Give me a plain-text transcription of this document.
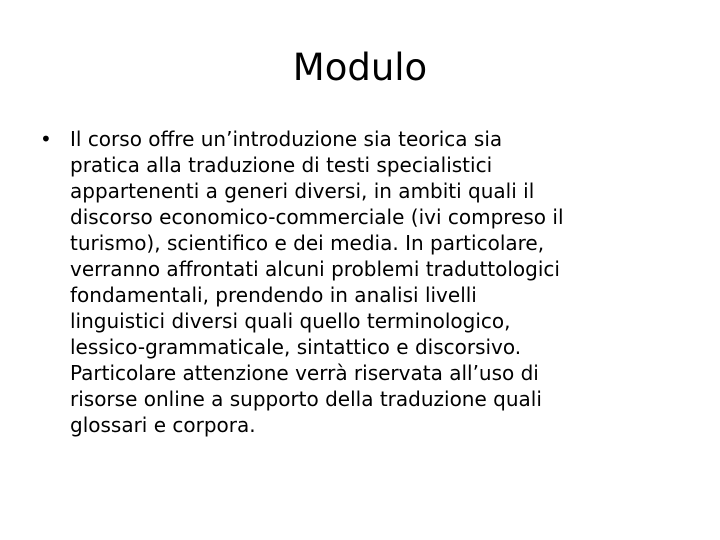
Modulo
• Il corso offre un’introduzione sia teorica sia
pratica alla traduzione di testi specialistici
appartenenti a generi diversi, in ambiti quali il
discorso economico-commerciale (ivi compreso il
turismo), scientifico e dei media. In particolare,
verranno affrontati alcuni problemi traduttologici
fondamentali, prendendo in analisi livelli
linguistici diversi quali quello terminologico,
lessico-grammaticale, sintattico e discorsivo.
Particolare attenzione verrà riservata all’uso di
risorse online a supporto della traduzione quali
glossari e corpora.
